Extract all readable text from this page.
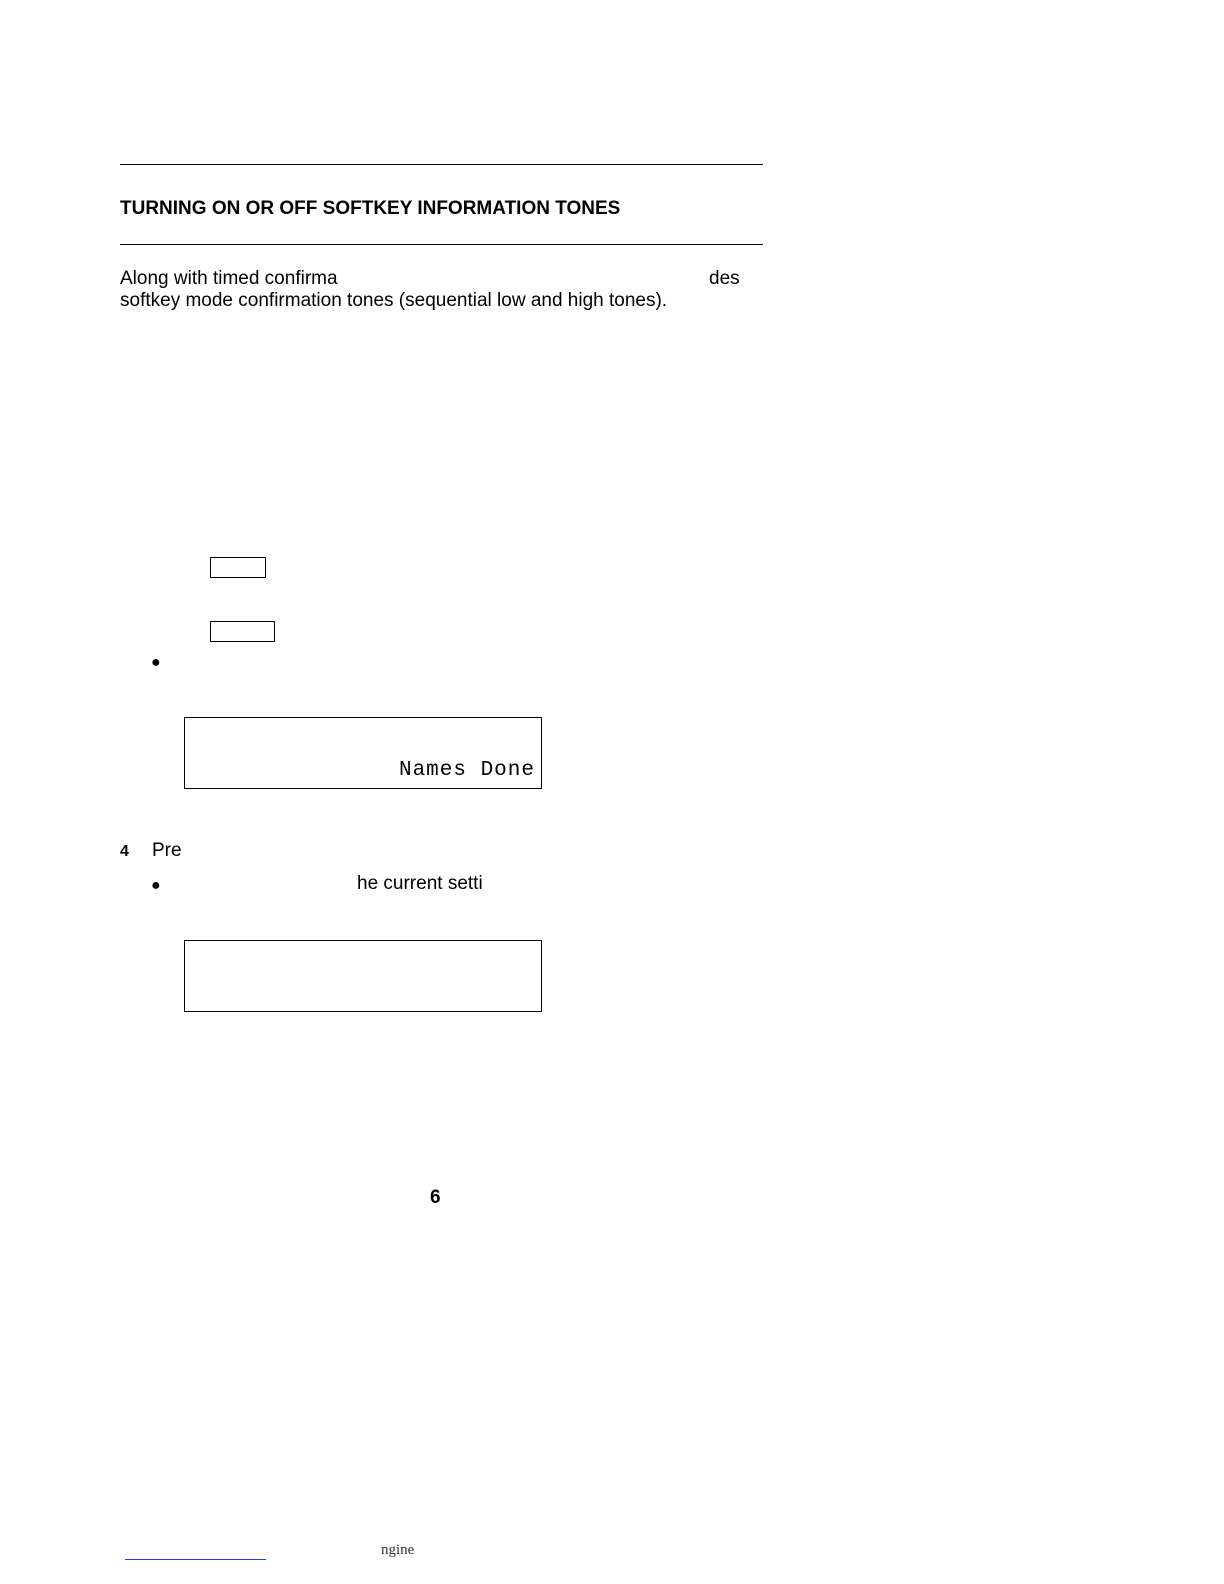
TURNING ON OR OFF SOFTKEY INFORMATION TONES
Along with timed confirma	des
softkey mode confirmation tones (sequential low and high tones).
●
Names Done
4 Pre
●	he current setti
6
ngine
